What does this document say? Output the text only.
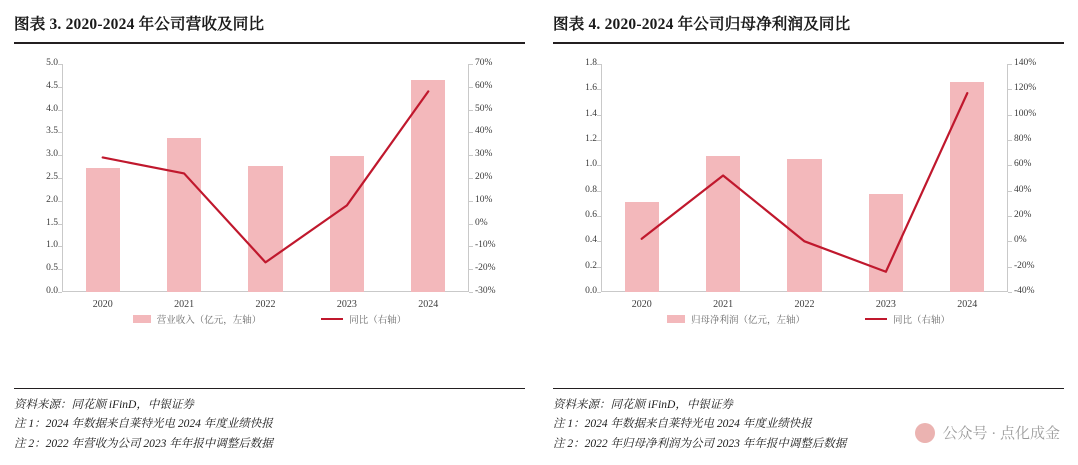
图表 3. 2020-2024 年公司营收及同比
0.0
0.5
1.0
1.5
2.0
2.5
3.0
3.5
4.0
4.5
5.0
-30%
-20%
-10%
0%
10%
20%
30%
40%
50%
60%
70%
2020	2021	2022	2023	2024
营业收入（亿元，左轴）	同比（右轴）
资料来源：同花顺 iFinD，中银证券
注 1：2024 年数据来自莱特光电 2024 年度业绩快报
注 2：2022 年营收为公司 2023 年年报中调整后数据
图表 4. 2020-2024 年公司归母净利润及同比
0.0
0.2
0.4
0.6
0.8
1.0
1.2
1.4
1.6
1.8
-40%
-20%
0%
20%
40%
60%
80%
100%
120%
140%
2020	2021	2022	2023	2024
归母净利润（亿元，左轴）	同比（右轴）
资料来源：同花顺 iFinD，中银证券
注 1：2024 年数据来自莱特光电 2024 年度业绩快报
注 2：2022 年归母净利润为公司 2023 年年报中调整后数据
公众号 · 点化成金
